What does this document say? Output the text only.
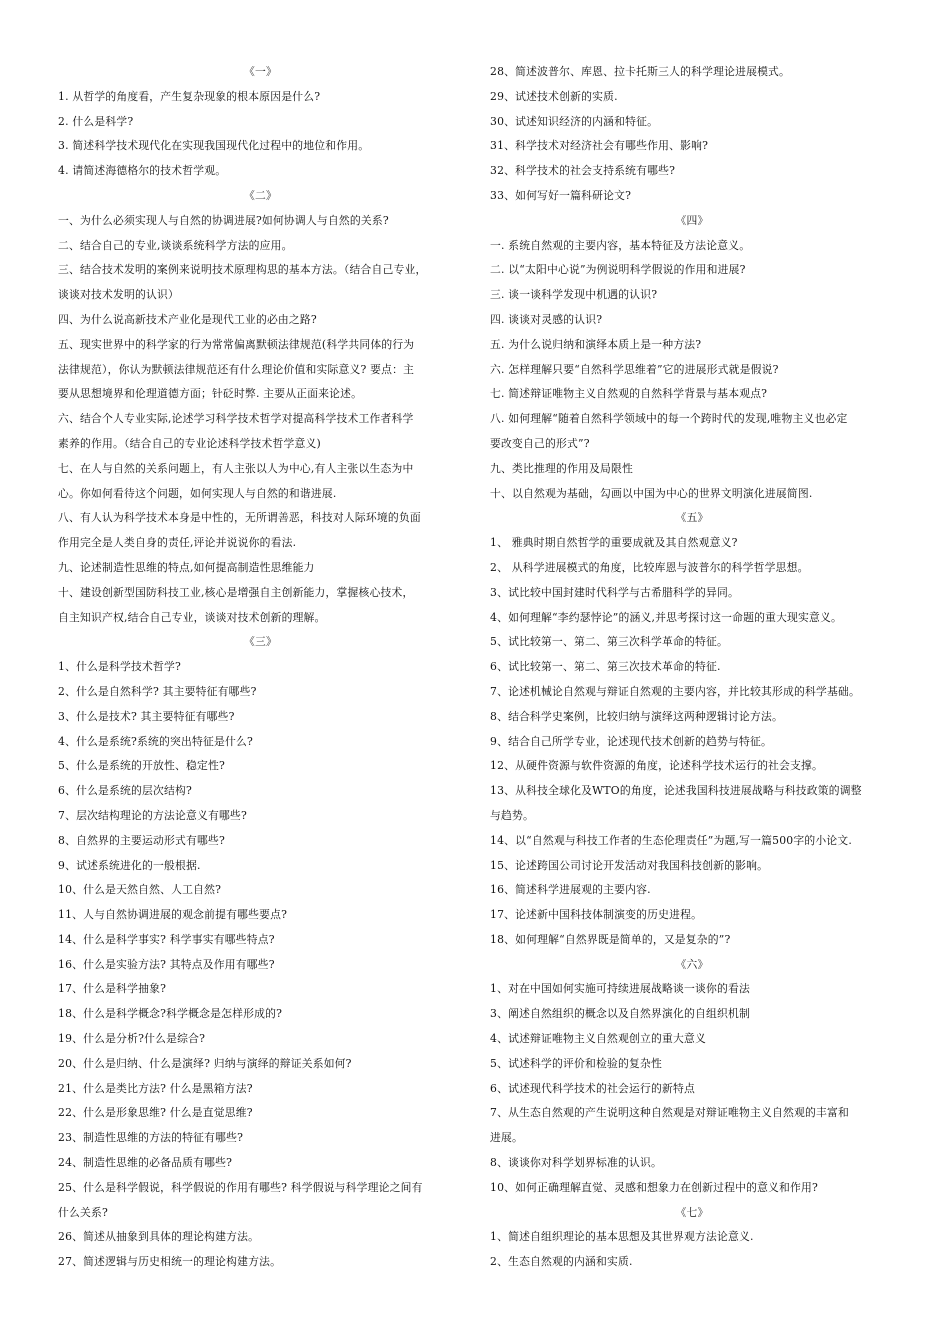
《一》
1. 从哲学的角度看，产生复杂现象的根本原因是什么?
2. 什么是科学?
3. 简述科学技术现代化在实现我国现代化过程中的地位和作用。
4. 请简述海德格尔的技术哲学观。
《二》
一、为什么必须实现人与自然的协调进展?如何协调人与自然的关系?
二、结合自己的专业,谈谈系统科学方法的应用。
三、结合技术发明的案例来说明技术原理构思的基本方法。（结合自己专业，
谈谈对技术发明的认识）
四、为什么说高新技术产业化是现代工业的必由之路?
五、现实世界中的科学家的行为常常偏离默顿法律规范(科学共同体的行为
法律规范），你认为默顿法律规范还有什么理论价值和实际意义? 要点：主
要从思想境界和伦理道德方面；针砭时弊. 主要从正面来论述。
六、结合个人专业实际,论述学习科学技术哲学对提高科学技术工作者科学
素养的作用。（结合自己的专业论述科学技术哲学意义)
七、在人与自然的关系问题上，有人主张以人为中心,有人主张以生态为中
心。你如何看待这个问题，如何实现人与自然的和谐进展.
八、有人认为科学技术本身是中性的，无所谓善恶，科技对人际环境的负面
作用完全是人类自身的责任,评论并说说你的看法.
九、论述制造性思维的特点,如何提高制造性思维能力
十、建设创新型国防科技工业,核心是增强自主创新能力，掌握核心技术，
自主知识产权,结合自己专业，谈谈对技术创新的理解。
《三》
1、什么是科学技术哲学?
2、什么是自然科学? 其主要特征有哪些?
3、什么是技术? 其主要特征有哪些?
4、什么是系统?系统的突出特征是什么?
5、什么是系统的开放性、稳定性?
6、什么是系统的层次结构?
7、层次结构理论的方法论意义有哪些?
8、自然界的主要运动形式有哪些?
9、试述系统进化的一般根据.
10、什么是天然自然、人工自然?
11、人与自然协调进展的观念前提有哪些要点?
14、什么是科学事实? 科学事实有哪些特点?
16、什么是实验方法? 其特点及作用有哪些?
17、什么是科学抽象?
18、什么是科学概念?科学概念是怎样形成的?
19、什么是分析?什么是综合?
20、什么是归纳、什么是演绎? 归纳与演绎的辩证关系如何?
21、什么是类比方法? 什么是黑箱方法?
22、什么是形象思维? 什么是直觉思维?
23、制造性思维的方法的特征有哪些?
24、制造性思维的必备品质有哪些?
25、什么是科学假说，科学假说的作用有哪些? 科学假说与科学理论之间有
什么关系?
26、简述从抽象到具体的理论构建方法。
27、简述逻辑与历史相统一的理论构建方法。
28、简述波普尔、库恩、拉卡托斯三人的科学理论进展模式。
29、试述技术创新的实质.
30、试述知识经济的内涵和特征。
31、科学技术对经济社会有哪些作用、影响?
32、科学技术的社会支持系统有哪些?
33、如何写好一篇科研论文?
《四》
一. 系统自然观的主要内容，基本特征及方法论意义。
二. 以“太阳中心说”为例说明科学假说的作用和进展?
三. 谈一谈科学发现中机遇的认识?
四. 谈谈对灵感的认识?
五. 为什么说归纳和演绎本质上是一种方法?
六. 怎样理解只要“自然科学思维着”它的进展形式就是假说?
七. 简述辩证唯物主义自然观的自然科学背景与基本观点?
八. 如何理解“随着自然科学领域中的每一个跨时代的发现,唯物主义也必定
要改变自己的形式”?
九、类比推理的作用及局限性
十、以自然观为基础，勾画以中国为中心的世界文明演化进展简图.
《五》
1、 雅典时期自然哲学的重要成就及其自然观意义?
2、 从科学进展模式的角度，比较库恩与波普尔的科学哲学思想。
3、试比较中国封建时代科学与古希腊科学的异同。
4、如何理解“李约瑟悖论”的涵义,并思考探讨这一命题的重大现实意义。
5、试比较第一、第二、第三次科学革命的特征。
6、试比较第一、第二、第三次技术革命的特征.
7、论述机械论自然观与辩证自然观的主要内容，并比较其形成的科学基础。
8、结合科学史案例，比较归纳与演绎这两种逻辑讨论方法。
9、结合自己所学专业，论述现代技术创新的趋势与特征。
12、从硬件资源与软件资源的角度，论述科学技术运行的社会支撑。
13、从科技全球化及WTO的角度，论述我国科技进展战略与科技政策的调整
与趋势。
14、以“自然观与科技工作者的生态伦理责任”为题,写一篇500字的小论文.
15、论述跨国公司讨论开发活动对我国科技创新的影响。
16、简述科学进展观的主要内容.
17、论述新中国科技体制演变的历史进程。
18、如何理解“自然界既是简单的，又是复杂的”?
《六》
1、对在中国如何实施可持续进展战略谈一谈你的看法
3、阐述自然组织的概念以及自然界演化的自组织机制
4、试述辩证唯物主义自然观创立的重大意义
5、试述科学的评价和检验的复杂性
6、试述现代科学技术的社会运行的新特点
7、从生态自然观的产生说明这种自然观是对辩证唯物主义自然观的丰富和
进展。
8、谈谈你对科学划界标准的认识。
10、如何正确理解直觉、灵感和想象力在创新过程中的意义和作用?
《七》
1、简述自组织理论的基本思想及其世界观方法论意义.
2、生态自然观的内涵和实质.
